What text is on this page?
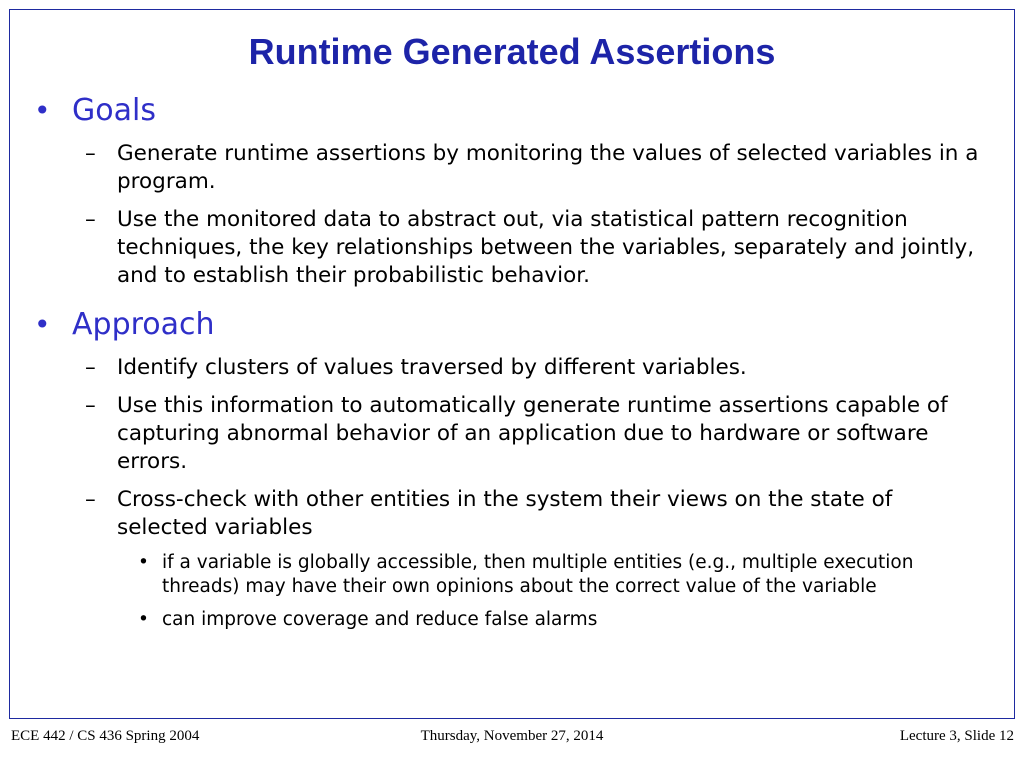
Runtime Generated Assertions
• Goals
– Generate runtime assertions by monitoring the values of selected variables in a program.
– Use the monitored data to abstract out, via statistical pattern recognition techniques, the key relationships between the variables, separately and jointly, and to establish their probabilistic behavior.
• Approach
– Identify clusters of values traversed by different variables.
– Use this information to automatically generate runtime assertions capable of capturing abnormal behavior of an application due to hardware or software errors.
– Cross-check with other entities in the system their views on the state of selected variables
• if a variable is globally accessible, then multiple entities (e.g., multiple execution threads) may have their own opinions about the correct value of the variable
• can improve coverage and reduce false alarms
ECE 442 / CS 436 Spring 2004	Thursday, November 27, 2014	Lecture 3, Slide 12
